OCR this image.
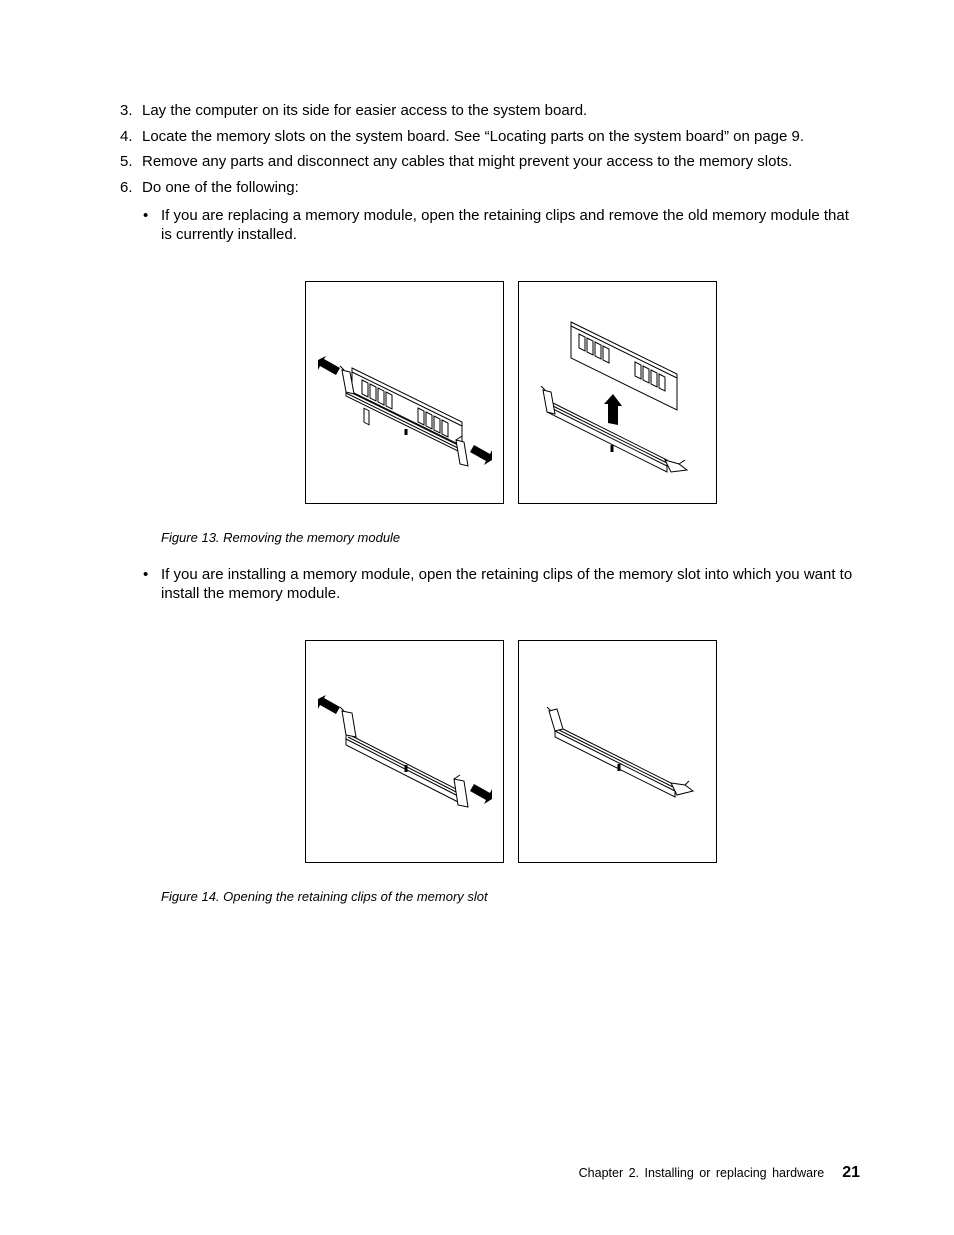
3. Lay the computer on its side for easier access to the system board.
4. Locate the memory slots on the system board. See “Locating parts on the system board” on page 9.
5. Remove any parts and disconnect any cables that might prevent your access to the memory slots.
6. Do one of the following:
• If you are replacing a memory module, open the retaining clips and remove the old memory module that is currently installed.

Figure 13. Removing the memory module

• If you are installing a memory module, open the retaining clips of the memory slot into which you want to install the memory module.

Figure 14. Opening the retaining clips of the memory slot

Chapter 2. Installing or replacing hardware 21
